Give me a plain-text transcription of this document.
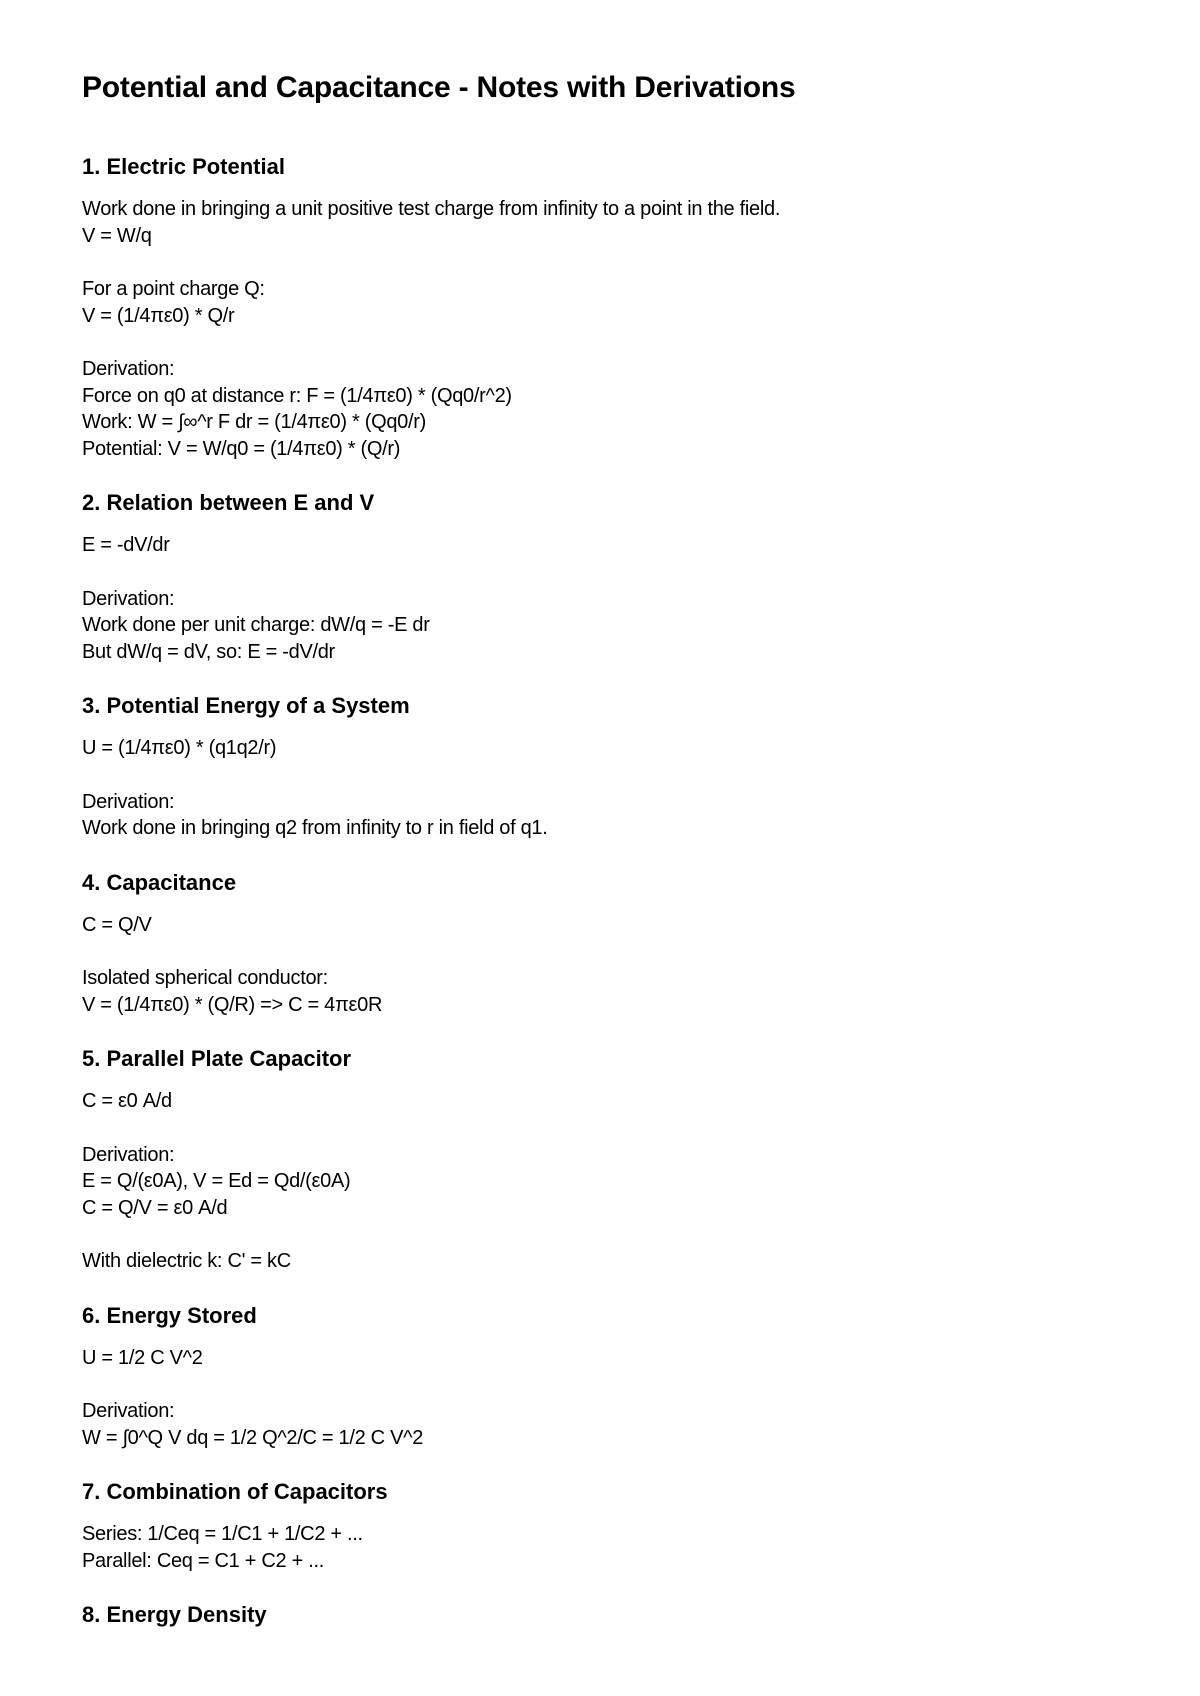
Potential and Capacitance - Notes with Derivations
1. Electric Potential
Work done in bringing a unit positive test charge from infinity to a point in the field.
V = W/q
For a point charge Q:
V = (1/4πε0) * Q/r
Derivation:
Force on q0 at distance r: F = (1/4πε0) * (Qq0/r^2)
Work: W = ∫∞^r F dr = (1/4πε0) * (Qq0/r)
Potential: V = W/q0 = (1/4πε0) * (Q/r)
2. Relation between E and V
E = -dV/dr
Derivation:
Work done per unit charge: dW/q = -E dr
But dW/q = dV, so: E = -dV/dr
3. Potential Energy of a System
U = (1/4πε0) * (q1q2/r)
Derivation:
Work done in bringing q2 from infinity to r in field of q1.
4. Capacitance
C = Q/V
Isolated spherical conductor:
V = (1/4πε0) * (Q/R) => C = 4πε0R
5. Parallel Plate Capacitor
C = ε0 A/d
Derivation:
E = Q/(ε0A), V = Ed = Qd/(ε0A)
C = Q/V = ε0 A/d
With dielectric k: C' = kC
6. Energy Stored
U = 1/2 C V^2
Derivation:
W = ∫0^Q V dq = 1/2 Q^2/C = 1/2 C V^2
7. Combination of Capacitors
Series: 1/Ceq = 1/C1 + 1/C2 + ...
Parallel: Ceq = C1 + C2 + ...
8. Energy Density
